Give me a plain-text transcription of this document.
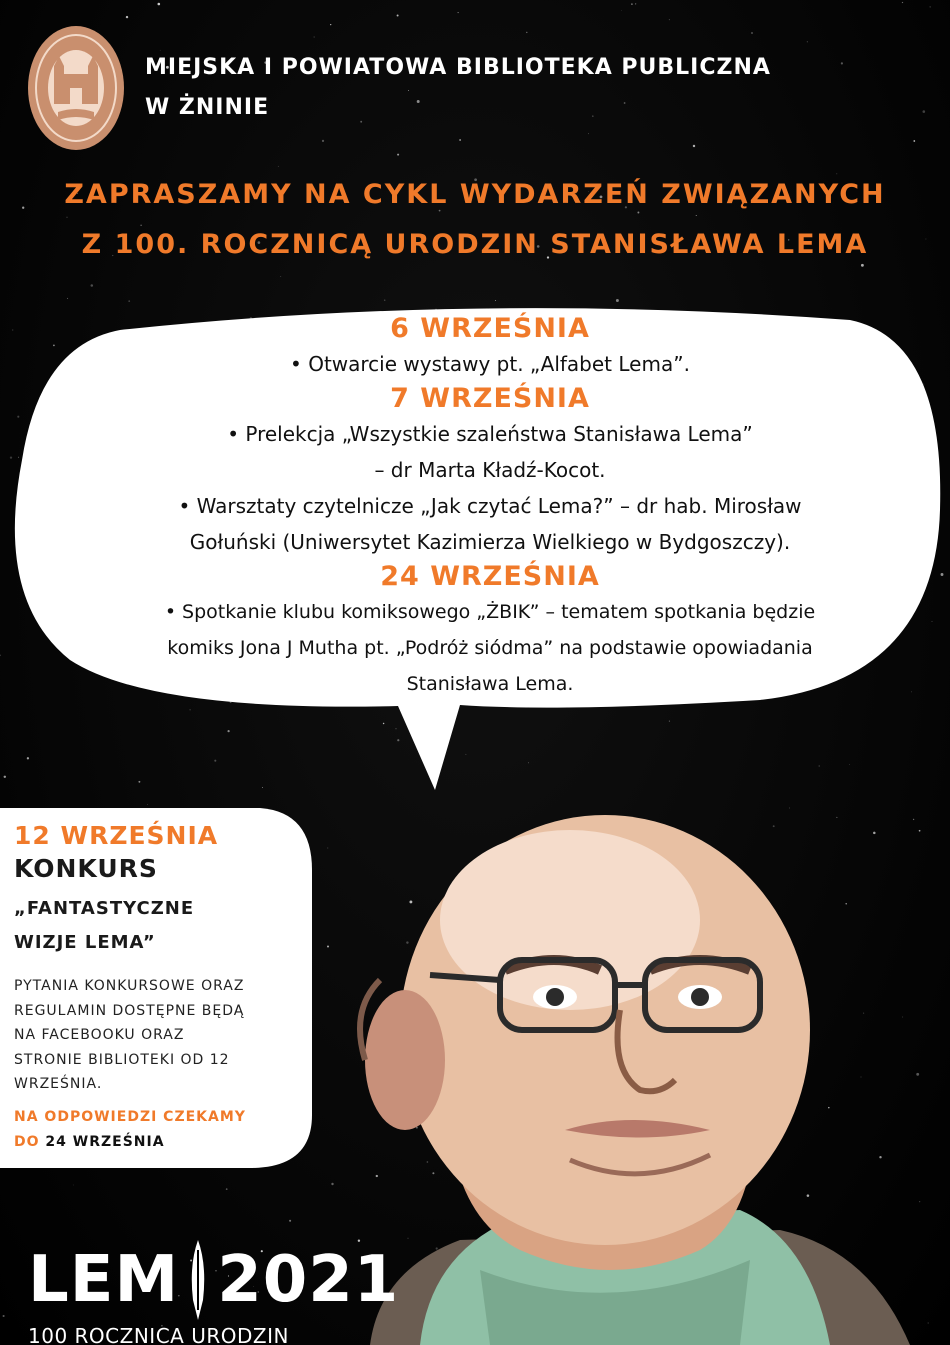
MIEJSKA I POWIATOWA BIBLIOTEKA PUBLICZNA
W ŻNINIE
ZAPRASZAMY NA CYKL WYDARZEŃ ZWIĄZANYCH
Z 100. ROCZNICĄ URODZIN STANISŁAWA LEMA
6 WRZEŚNIA
• Otwarcie wystawy pt. „Alfabet Lema”.
7 WRZEŚNIA
• Prelekcja „Wszystkie szaleństwa Stanisława Lema”
– dr Marta Kładź-Kocot.
• Warsztaty czytelnicze „Jak czytać Lema?” – dr hab. Mirosław
Gołuński (Uniwersytet Kazimierza Wielkiego w Bydgoszczy).
24 WRZEŚNIA
• Spotkanie klubu komiksowego „ŻBIK” – tematem spotkania będzie
komiks Jona J Mutha pt. „Podróż siódma” na podstawie opowiadania
Stanisława Lema.
12 WRZEŚNIA
KONKURS
„FANTASTYCZNE
WIZJE LEMA”
PYTANIA KONKURSOWE ORAZ
REGULAMIN DOSTĘPNE BĘDĄ
NA FACEBOOKU ORAZ
STRONIE BIBLIOTEKI OD 12
WRZEŚNIA.
NA ODPOWIEDZI CZEKAMY
DO 24 WRZEŚNIA
LEM 2021
100 ROCZNICA URODZIN
